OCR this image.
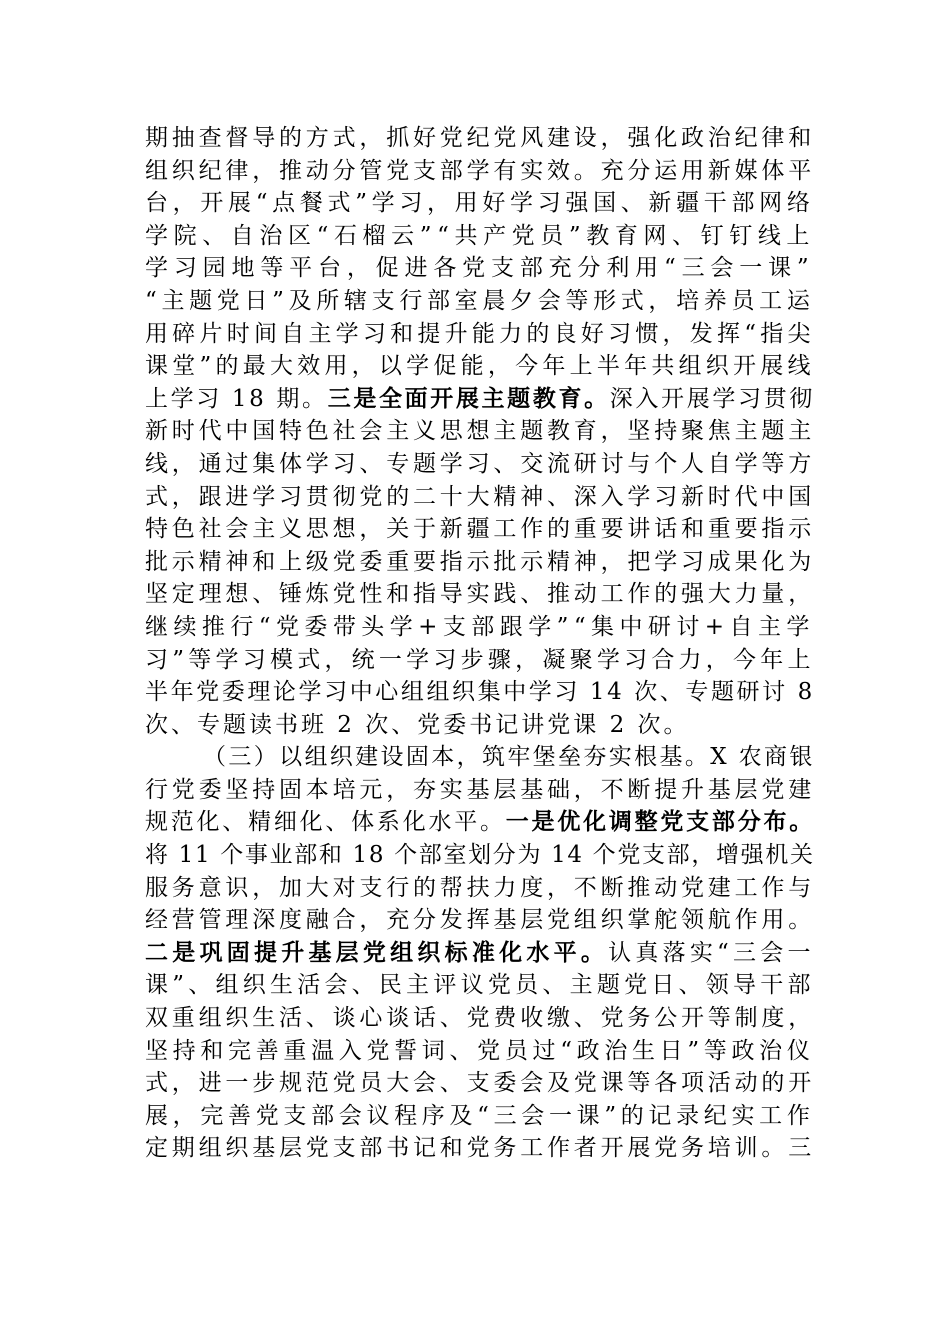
期抽查督导的方式，抓好党纪党风建设，强化政治纪律和
组织纪律，推动分管党支部学有实效。充分运用新媒体平
台，开展“点餐式”学习，用好学习强国、新疆干部网络
学院、自治区“石榴云”“共产党员”教育网、钉钉线上
学习园地等平台，促进各党支部充分利用“三会一课”
“主题党日”及所辖支行部室晨夕会等形式，培养员工运
用碎片时间自主学习和提升能力的良好习惯，发挥“指尖
课堂”的最大效用，以学促能，今年上半年共组织开展线
上学习 18 期。三是全面开展主题教育。深入开展学习贯彻
新时代中国特色社会主义思想主题教育，坚持聚焦主题主
线，通过集体学习、专题学习、交流研讨与个人自学等方
式，跟进学习贯彻党的二十大精神、深入学习新时代中国
特色社会主义思想，关于新疆工作的重要讲话和重要指示
批示精神和上级党委重要指示批示精神，把学习成果化为
坚定理想、锤炼党性和指导实践、推动工作的强大力量，
继续推行“党委带头学+支部跟学”“集中研讨+自主学
习”等学习模式，统一学习步骤，凝聚学习合力，今年上
半年党委理论学习中心组组织集中学习 14 次、专题研讨 8
次、专题读书班 2 次、党委书记讲党课 2 次。
（三）以组织建设固本，筑牢堡垒夯实根基。X 农商银
行党委坚持固本培元，夯实基层基础，不断提升基层党建
规范化、精细化、体系化水平。一是优化调整党支部分布。
将 11 个事业部和 18 个部室划分为 14 个党支部，增强机关
服务意识，加大对支行的帮扶力度，不断推动党建工作与
经营管理深度融合，充分发挥基层党组织掌舵领航作用。
二是巩固提升基层党组织标准化水平。认真落实“三会一
课”、组织生活会、民主评议党员、主题党日、领导干部
双重组织生活、谈心谈话、党费收缴、党务公开等制度，
坚持和完善重温入党誓词、党员过“政治生日”等政治仪
式，进一步规范党员大会、支委会及党课等各项活动的开
展，完善党支部会议程序及“三会一课”的记录纪实工作
定期组织基层党支部书记和党务工作者开展党务培训。三
